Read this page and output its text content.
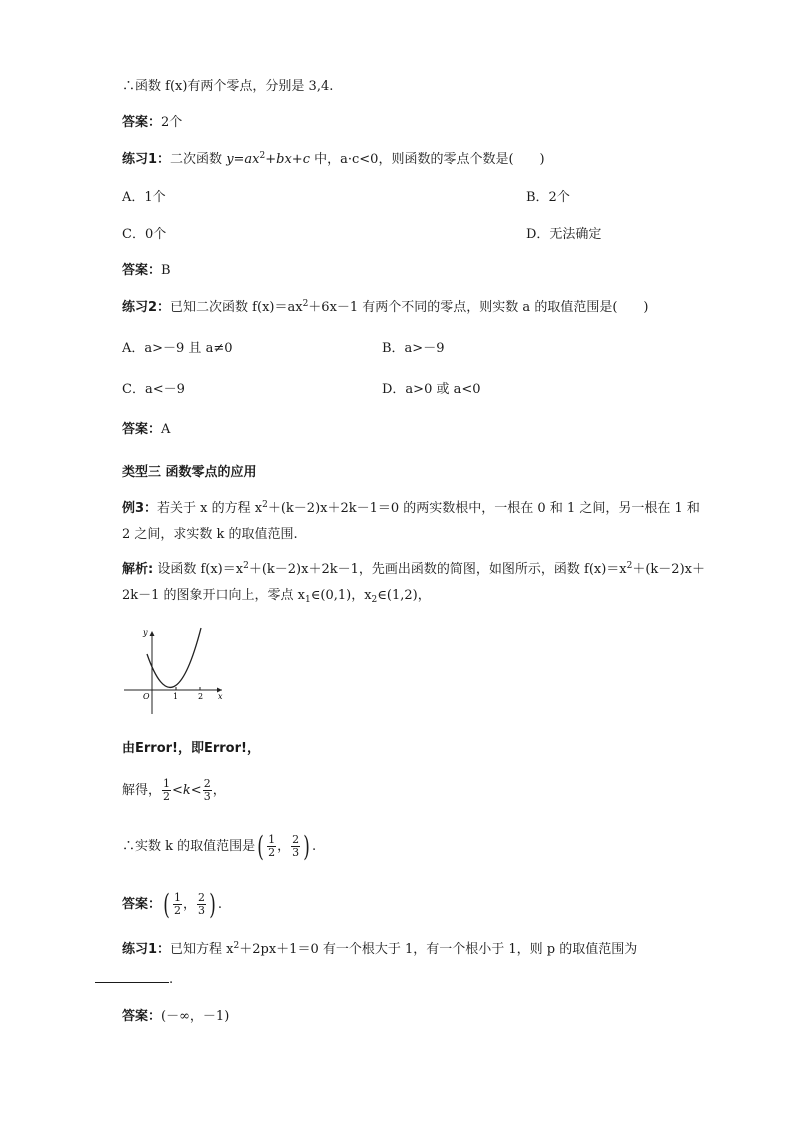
∴函数 f(x)有两个零点，分别是 3,4.
答案：2个
练习1：二次函数 $y=ax^2+bx+c$ 中，a·c<0，则函数的零点个数是(　　)
A．1个	B．2个
C．0个	D．无法确定
答案：B
练习2：已知二次函数 $f(x)=ax^2+6x-1$ 有两个不同的零点，则实数 a 的取值范围是(　　)
A．a>－9 且 a≠0	B．a>－9
C．a<－9	D．a>0 或 a<0
答案：A
类型三 函数零点的应用
例3：若关于 x 的方程 $x^2+(k-2)x+2k-1=0$ 的两实数根中，一根在 0 和 1 之间，另一根在 1 和 2 之间，求实数 k 的取值范围.
解析: 设函数 $f(x)=x^2+(k-2)x+2k-1$，先画出函数的简图，如图所示，函数 $f(x)=x^2+(k-2)x+2k-1$ 的图象开口向上，零点 $x_1\in(0,1)$，$x_2\in(1,2)$，
y
x
O	1 2
由Error!，即Error!，
解得， $\frac{1}{2} <k< \frac{2}{3}$ ，
∴实数 k 的取值范围是( $\frac{1}{2}$ ， $\frac{2}{3}$ ) .
答案：( $\frac{1}{2}$ ， $\frac{2}{3}$ ) .
练习1：已知方程 $x^2+2px+1=0$ 有一个根大于 1，有一个根小于 1，则 p 的取值范围为
.
答案：(－∞，－1)
